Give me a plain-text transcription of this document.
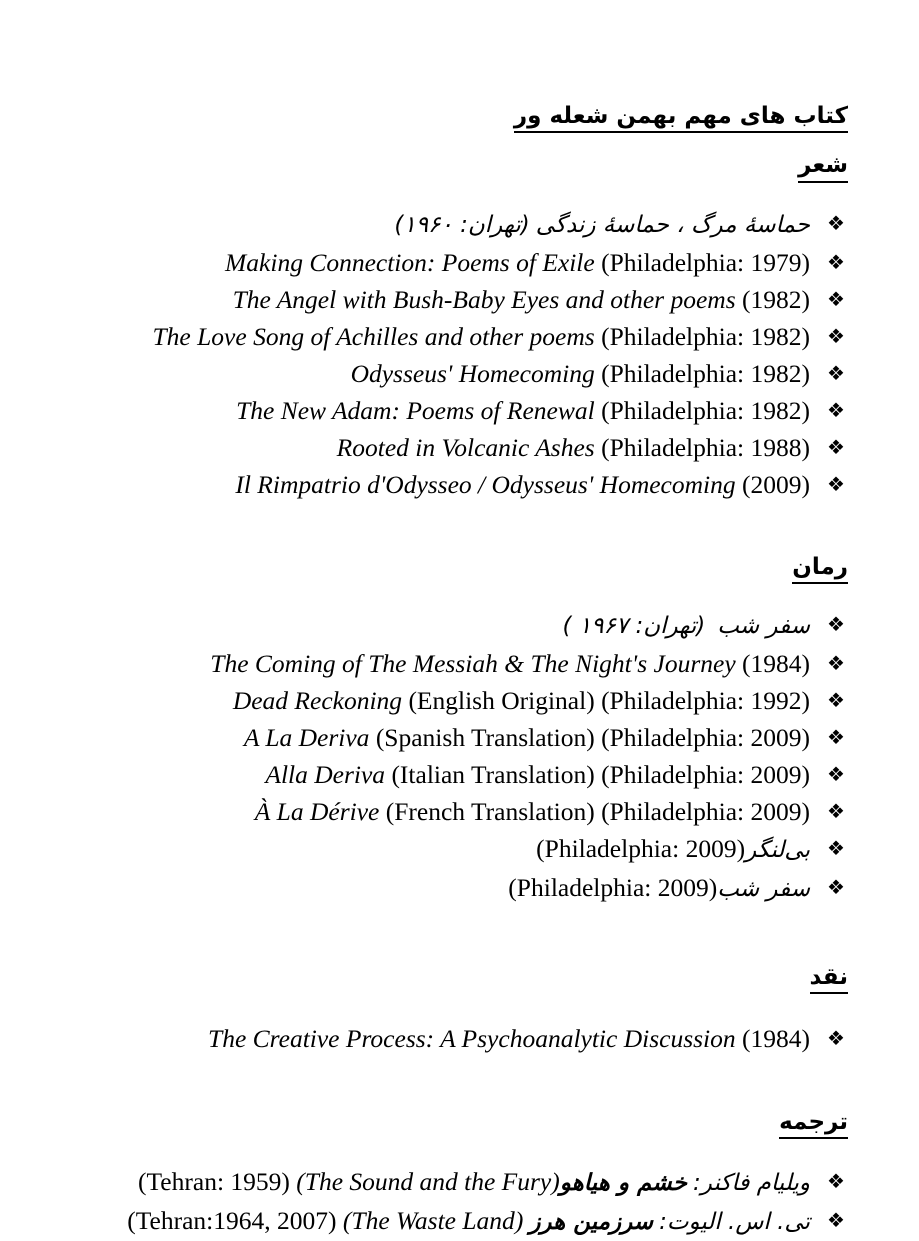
کتاب های مهم بهمن شعله ور
شعر
❖
حماسۀ مرگ ، حماسۀ زندگی(تهران: ۱۹۶۰)
❖
Making Connection: Poems of Exile (Philadelphia: 1979)
❖
The Angel with Bush-Baby Eyes and other poems (1982)
❖
The Love Song of Achilles and other poems (Philadelphia: 1982)
❖
Odysseus' Homecoming (Philadelphia: 1982)
❖
The New Adam: Poems of Renewal (Philadelphia: 1982)
❖
Rooted in Volcanic Ashes (Philadelphia: 1988)
❖
Il Rimpatrio d'Odysseo / Odysseus' Homecoming (2009)
رمان
❖
سفر شب(تهران: ۱۹۶۷ )
❖
The Coming of The Messiah & The Night's Journey (1984)
❖
Dead Reckoning (English Original) (Philadelphia: 1992)
❖
A La Deriva (Spanish Translation) (Philadelphia: 2009)
❖
Alla Deriva (Italian Translation) (Philadelphia: 2009)
❖
À La Dérive (French Translation) (Philadelphia: 2009)
❖
بی‌لنگر(Philadelphia: 2009)
❖
سفر شب(Philadelphia: 2009)
نقد
❖
The Creative Process: A Psychoanalytic Discussion (1984)
ترجمه
❖
ویلیام فاکنر:خشم و هیاهو(The Sound and the Fury) (Tehran: 1959)
❖
تی. اس. الیوت:سرزمین هرز(The Waste Land) (Tehran:1964, 2007)
